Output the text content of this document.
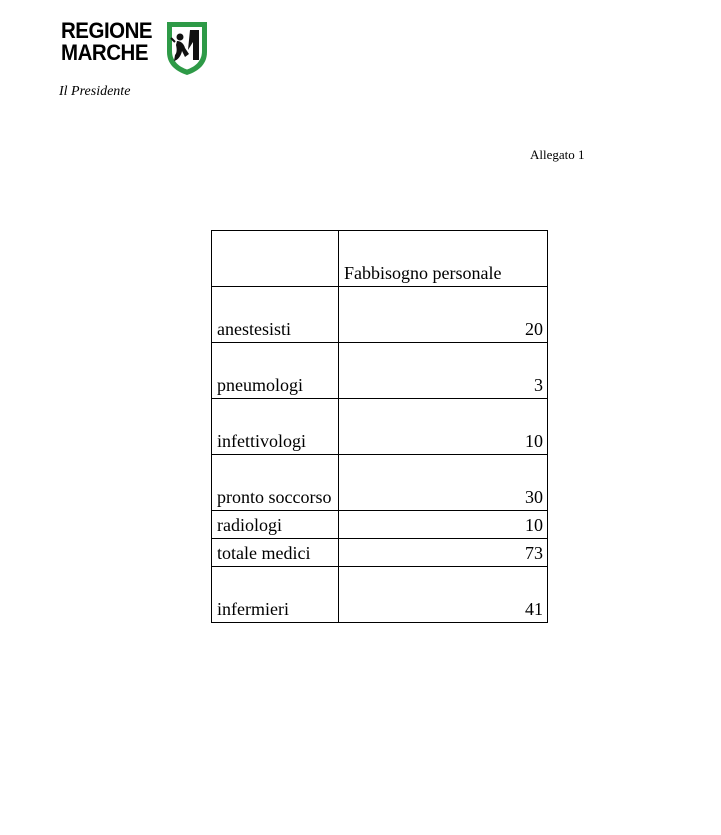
REGIONE
MARCHE
Il Presidente
Allegato 1
	Fabbisogno personale
anestesisti	20
pneumologi	3
infettivologi	10
pronto soccorso	30
radiologi	10
totale medici	73
infermieri	41
